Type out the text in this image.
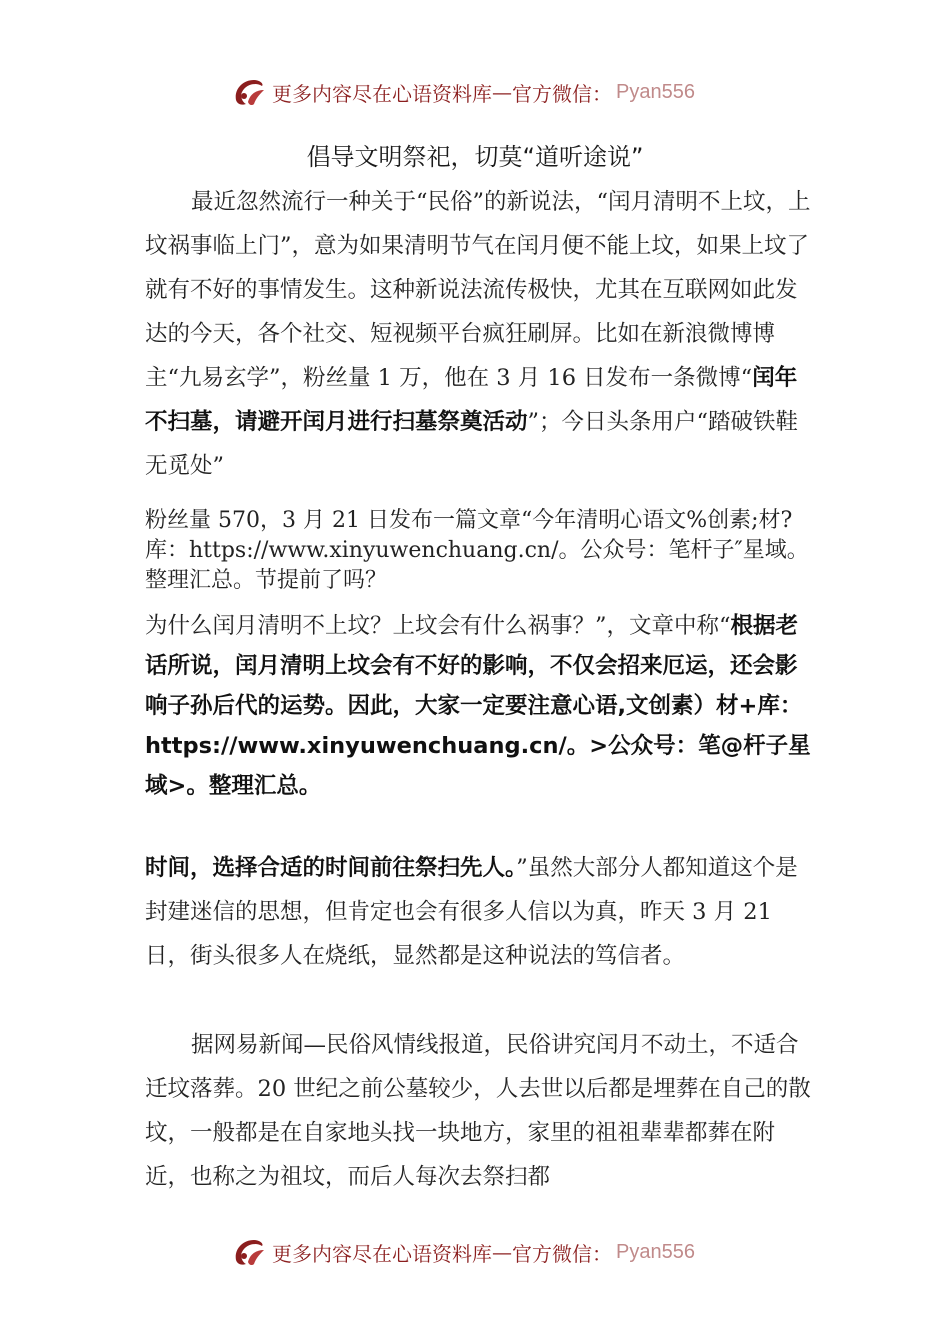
更多内容尽在心语资料库 — 官方微信： Pyan556
倡导文明祭祀，切莫“道听途说”
最近忽然流行一种关于“民俗”的新说法，“闰月清明不上坟，上坟祸事临上门”，意为如果清明节气在闰月便不能上坟，如果上坟了就有不好的事情发生。这种新说法流传极快，尤其在互联网如此发达的今天，各个社交、短视频平台疯狂刷屏。比如在新浪微博博主“九易玄学”，粉丝量 1 万，他在 3 月 16 日发布一条微博“闰年不扫墓，请避开闰月进行扫墓祭奠活动”；今日头条用户“踏破铁鞋无觅处”
粉丝量 570，3 月 21 日发布一篇文章“今年清明心语文%创素;材?库：https://www.xinyuwenchuang.cn/。公众号：笔杆子″星域。整理汇总。节提前了吗？
为什么闰月清明不上坟？上坟会有什么祸事？”，文章中称“根据老话所说，闰月清明上坟会有不好的影响，不仅会招来厄运，还会影响子孙后代的运势。因此，大家一定要注意心语,文创素）材+库：https://www.xinyuwenchuang.cn/。>公众号：笔@杆子星域>。整理汇总。
时间，选择合适的时间前往祭扫先人。”虽然大部分人都知道这个是封建迷信的思想，但肯定也会有很多人信以为真，昨天 3 月 21 日，街头很多人在烧纸，显然都是这种说法的笃信者。
据网易新闻—民俗风情线报道，民俗讲究闰月不动土，不适合迁坟落葬。20 世纪之前公墓较少，人去世以后都是埋葬在自己的散坟，一般都是在自家地头找一块地方，家里的祖祖辈辈都葬在附近，也称之为祖坟，而后人每次去祭扫都
更多内容尽在心语资料库 — 官方微信： Pyan556
